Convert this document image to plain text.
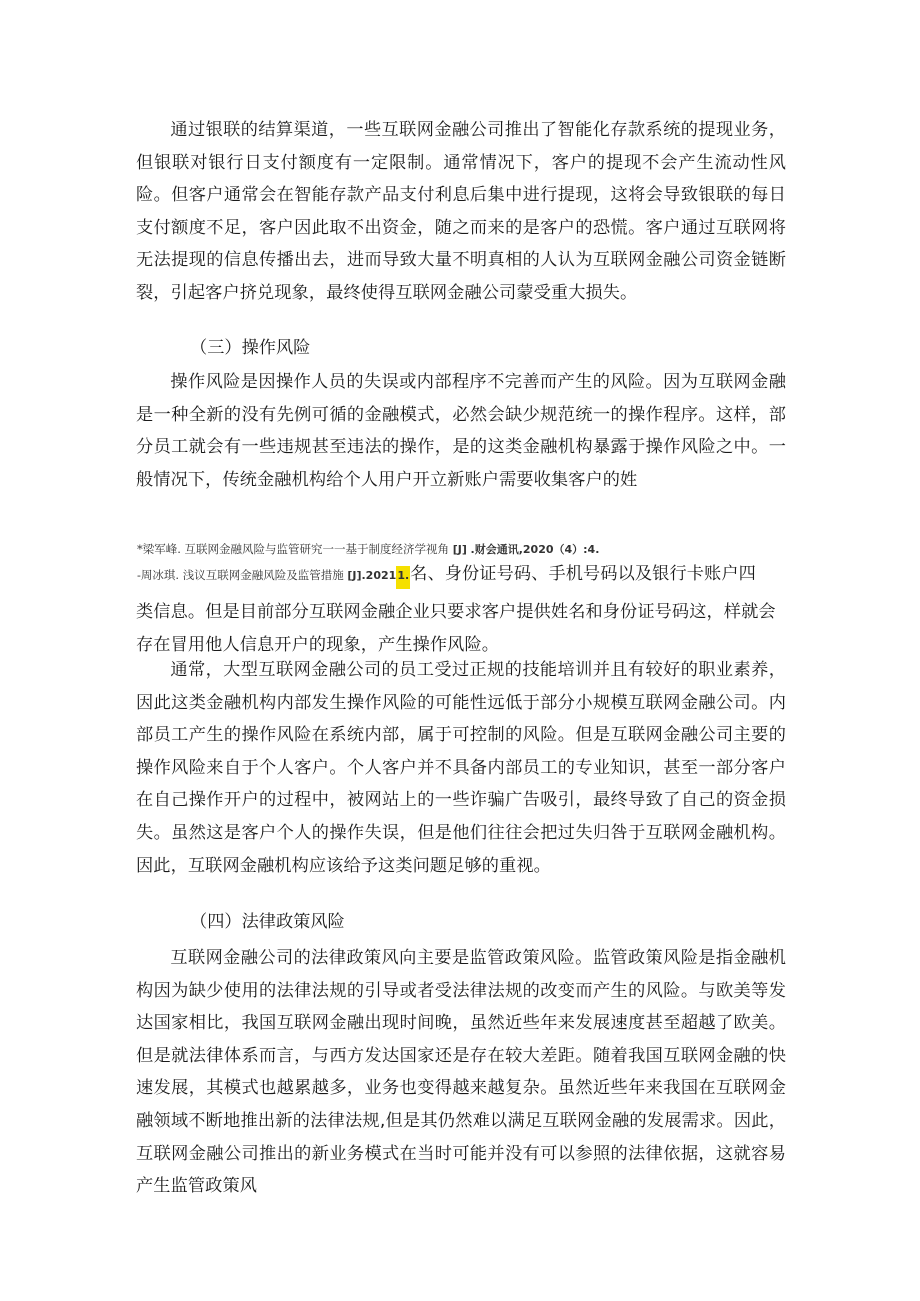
通过银联的结算渠道，一些互联网金融公司推出了智能化存款系统的提现业务，但银联对银行日支付额度有一定限制。通常情况下，客户的提现不会产生流动性风险。但客户通常会在智能存款产品支付利息后集中进行提现，这将会导致银联的每日支付额度不足，客户因此取不出资金，随之而来的是客户的恐慌。客户通过互联网将无法提现的信息传播出去，进而导致大量不明真相的人认为互联网金融公司资金链断裂，引起客户挤兑现象，最终使得互联网金融公司蒙受重大损失。

（三）操作风险

操作风险是因操作人员的失误或内部程序不完善而产生的风险。因为互联网金融是一种全新的没有先例可循的金融模式，必然会缺少规范统一的操作程序。这样，部分员工就会有一些违规甚至违法的操作，是的这类金融机构暴露于操作风险之中。一般情况下，传统金融机构给个人用户开立新账户需要收集客户的姓

*梁军峰. 互联网金融风险与监管研究一一基于制度经济学视角 [J] .财会通讯,2020（4）:4.
-周冰琪. 浅议互联网金融风险及监管措施 [J].20211.名、身份证号码、手机号码以及银行卡账户四

类信息。但是目前部分互联网金融企业只要求客户提供姓名和身份证号码这，样就会存在冒用他人信息开户的现象，产生操作风险。

通常，大型互联网金融公司的员工受过正规的技能培训并且有较好的职业素养，因此这类金融机构内部发生操作风险的可能性远低于部分小规模互联网金融公司。内部员工产生的操作风险在系统内部，属于可控制的风险。但是互联网金融公司主要的操作风险来自于个人客户。个人客户并不具备内部员工的专业知识，甚至一部分客户在自己操作开户的过程中，被网站上的一些诈骗广告吸引，最终导致了自己的资金损失。虽然这是客户个人的操作失误，但是他们往往会把过失归咎于互联网金融机构。因此，互联网金融机构应该给予这类问题足够的重视。

（四）法律政策风险

互联网金融公司的法律政策风向主要是监管政策风险。监管政策风险是指金融机构因为缺少使用的法律法规的引导或者受法律法规的改变而产生的风险。与欧美等发达国家相比，我国互联网金融出现时间晚，虽然近些年来发展速度甚至超越了欧美。但是就法律体系而言，与西方发达国家还是存在较大差距。随着我国互联网金融的快速发展，其模式也越累越多，业务也变得越来越复杂。虽然近些年来我国在互联网金融领域不断地推出新的法律法规,但是其仍然难以满足互联网金融的发展需求。因此，互联网金融公司推出的新业务模式在当时可能并没有可以参照的法律依据，这就容易产生监管政策风
